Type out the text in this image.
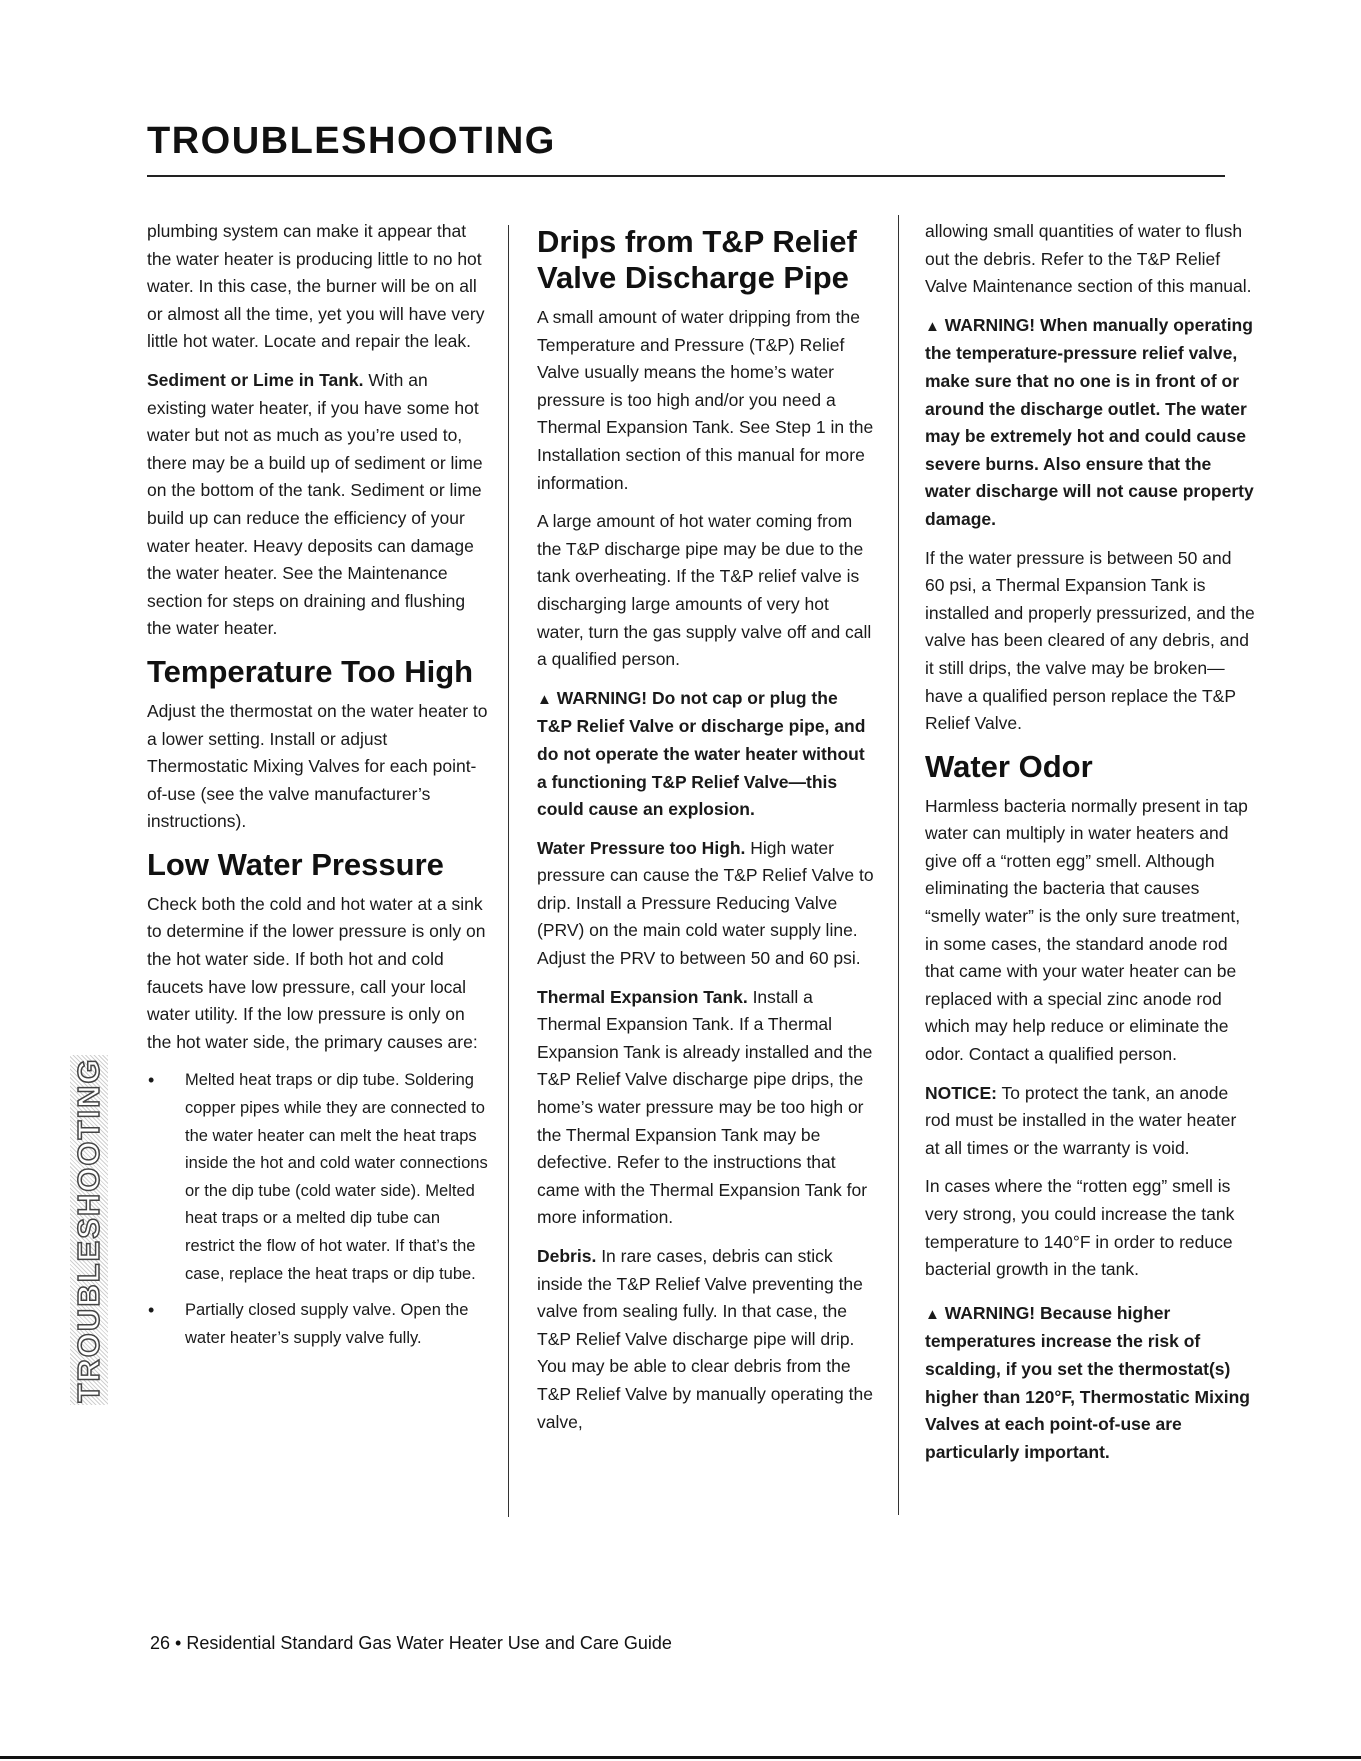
TROUBLESHOOTING

plumbing system can make it appear that the water heater is producing little to no hot water. In this case, the burner will be on all or almost all the time, yet you will have very little hot water. Locate and repair the leak.

Sediment or Lime in Tank. With an existing water heater, if you have some hot water but not as much as you’re used to, there may be a build up of sediment or lime on the bottom of the tank. Sediment or lime build up can reduce the efficiency of your water heater. Heavy deposits can damage the water heater. See the Maintenance section for steps on draining and flushing the water heater.

Temperature Too High

Adjust the thermostat on the water heater to a lower setting. Install or adjust Thermostatic Mixing Valves for each point-of-use (see the valve manufacturer’s instructions).

Low Water Pressure

Check both the cold and hot water at a sink to determine if the lower pressure is only on the hot water side. If both hot and cold faucets have low pressure, call your local water utility. If the low pressure is only on the hot water side, the primary causes are:

• Melted heat traps or dip tube. Soldering copper pipes while they are connected to the water heater can melt the heat traps inside the hot and cold water connections or the dip tube (cold water side). Melted heat traps or a melted dip tube can restrict the flow of hot water. If that’s the case, replace the heat traps or dip tube.
• Partially closed supply valve. Open the water heater’s supply valve fully.
Drips from T&P Relief Valve Discharge Pipe

A small amount of water dripping from the Temperature and Pressure (T&P) Relief Valve usually means the home’s water pressure is too high and/or you need a Thermal Expansion Tank. See Step 1 in the Installation section of this manual for more information.

A large amount of hot water coming from the T&P discharge pipe may be due to the tank overheating. If the T&P relief valve is discharging large amounts of very hot water, turn the gas supply valve off and call a qualified person.

▲ WARNING! Do not cap or plug the T&P Relief Valve or discharge pipe, and do not operate the water heater without a functioning T&P Relief Valve—this could cause an explosion.

Water Pressure too High. High water pressure can cause the T&P Relief Valve to drip. Install a Pressure Reducing Valve (PRV) on the main cold water supply line. Adjust the PRV to between 50 and 60 psi.

Thermal Expansion Tank. Install a Thermal Expansion Tank. If a Thermal Expansion Tank is already installed and the T&P Relief Valve discharge pipe drips, the home’s water pressure may be too high or the Thermal Expansion Tank may be defective. Refer to the instructions that came with the Thermal Expansion Tank for more information.

Debris. In rare cases, debris can stick inside the T&P Relief Valve preventing the valve from sealing fully. In that case, the T&P Relief Valve discharge pipe will drip. You may be able to clear debris from the T&P Relief Valve by manually operating the valve,

allowing small quantities of water to flush out the debris. Refer to the T&P Relief Valve Maintenance section of this manual.

▲ WARNING! When manually operating the temperature-pressure relief valve, make sure that no one is in front of or around the discharge outlet. The water may be extremely hot and could cause severe burns. Also ensure that the water discharge will not cause property damage.

If the water pressure is between 50 and 60 psi, a Thermal Expansion Tank is installed and properly pressurized, and the valve has been cleared of any debris, and it still drips, the valve may be broken—have a qualified person replace the T&P Relief Valve.

Water Odor

Harmless bacteria normally present in tap water can multiply in water heaters and give off a “rotten egg” smell. Although eliminating the bacteria that causes “smelly water” is the only sure treatment, in some cases, the standard anode rod that came with your water heater can be replaced with a special zinc anode rod which may help reduce or eliminate the odor. Contact a qualified person.

NOTICE: To protect the tank, an anode rod must be installed in the water heater at all times or the warranty is void.

In cases where the “rotten egg” smell is very strong, you could increase the tank temperature to 140°F in order to reduce bacterial growth in the tank.

▲ WARNING! Because higher temperatures increase the risk of scalding, if you set the thermostat(s) higher than 120°F, Thermostatic Mixing Valves at each point-of-use are particularly important.

TROUBLESHOOTING
26 • Residential Standard Gas Water Heater Use and Care Guide
